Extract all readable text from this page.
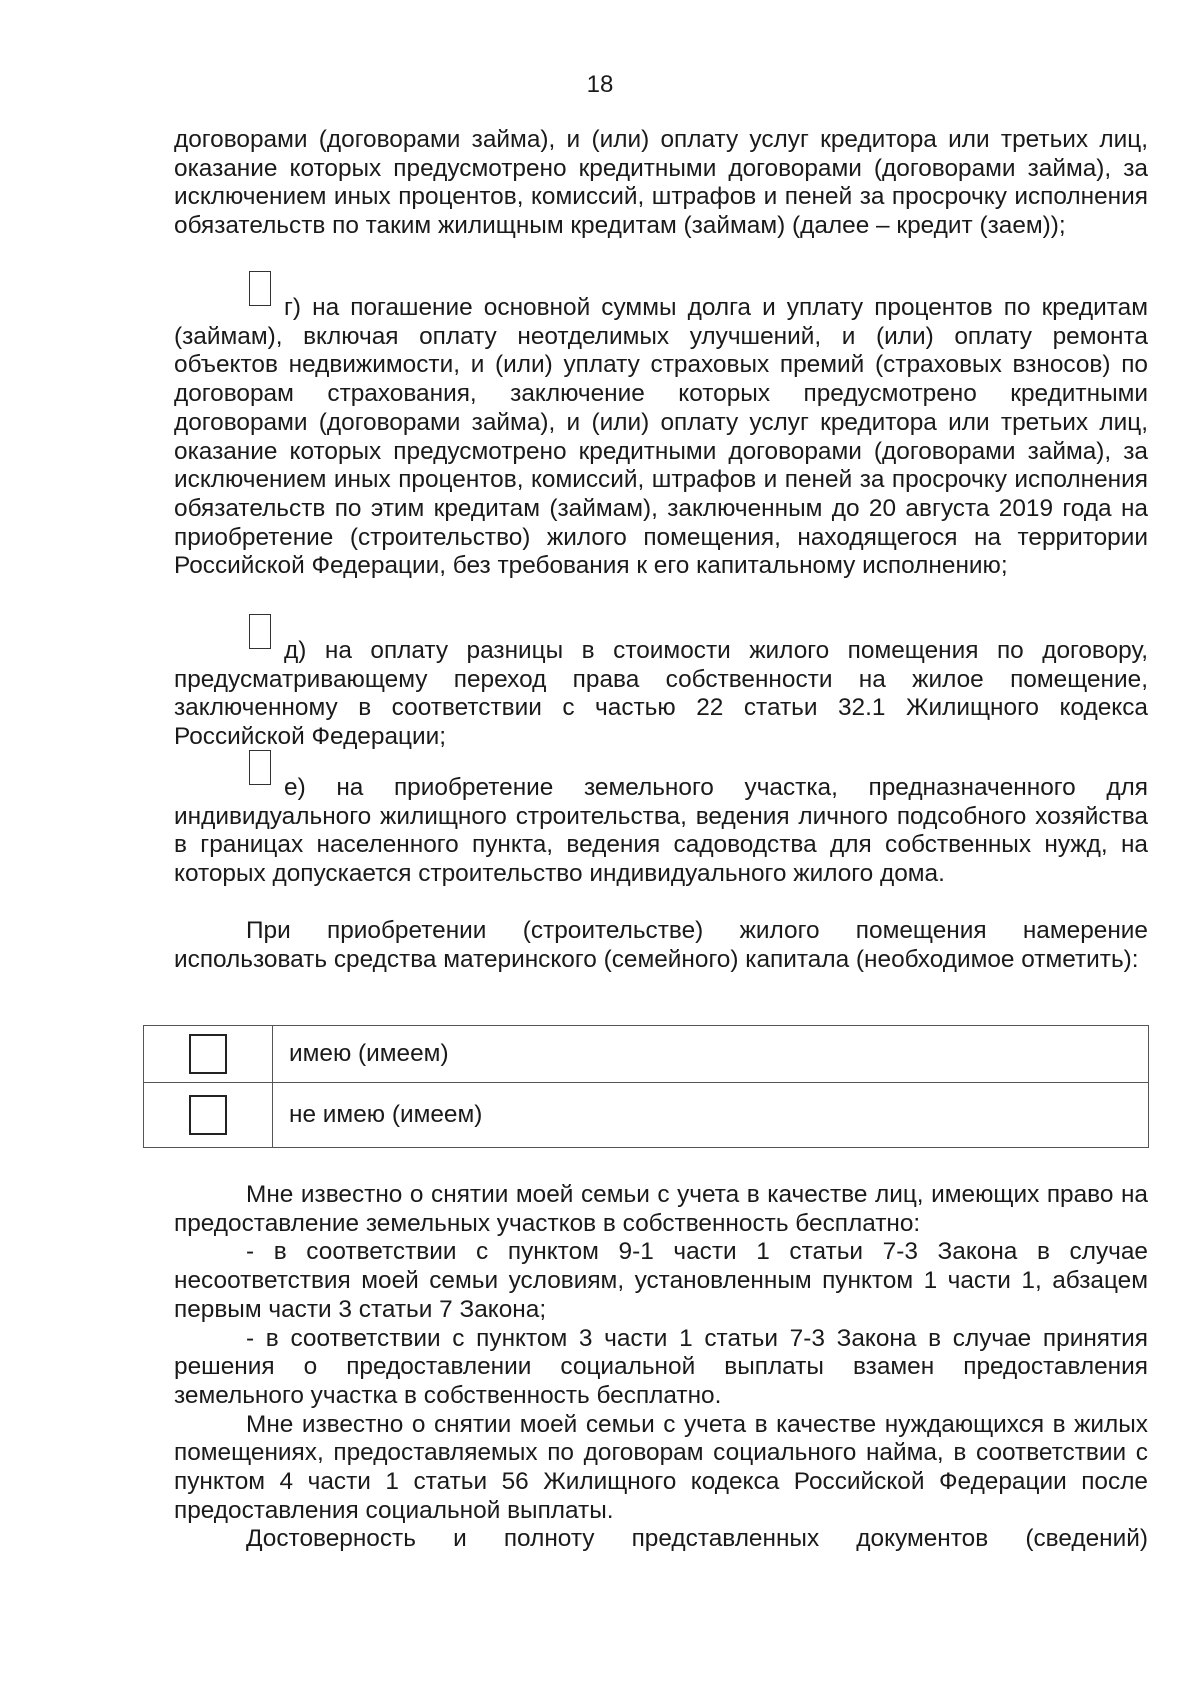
18

договорами (договорами займа), и (или) оплату услуг кредитора или третьих лиц, оказание которых предусмотрено кредитными договорами (договорами займа), за исключением иных процентов, комиссий, штрафов и пеней за просрочку исполнения обязательств по таким жилищным кредитам (займам) (далее – кредит (заем));

г) на погашение основной суммы долга и уплату процентов по кредитам (займам), включая оплату неотделимых улучшений, и (или) оплату ремонта объектов недвижимости, и (или) уплату страховых премий (страховых взносов) по договорам страхования, заключение которых предусмотрено кредитными договорами (договорами займа), и (или) оплату услуг кредитора или третьих лиц, оказание которых предусмотрено кредитными договорами (договорами займа), за исключением иных процентов, комиссий, штрафов и пеней за просрочку исполнения обязательств по этим кредитам (займам), заключенным до 20 августа 2019 года на приобретение (строительство) жилого помещения, находящегося на территории Российской Федерации, без требования к его капитальному исполнению;

д) на оплату разницы в стоимости жилого помещения по договору, предусматривающему переход права собственности на жилое помещение, заключенному в соответствии с частью 22 статьи 32.1 Жилищного кодекса Российской Федерации;

е) на приобретение земельного участка, предназначенного для индивидуального жилищного строительства, ведения личного подсобного хозяйства в границах населенного пункта, ведения садоводства для собственных нужд, на которых допускается строительство индивидуального жилого дома.

При приобретении (строительстве) жилого помещения намерение использовать средства материнского (семейного) капитала (необходимое отметить):

	имею (имеем)
	не имею (имеем)

Мне известно о снятии моей семьи с учета в качестве лиц, имеющих право на предоставление земельных участков в собственность бесплатно:

- в соответствии с пунктом 9-1 части 1 статьи 7-3 Закона в случае несоответствия моей семьи условиям, установленным пунктом 1 части 1, абзацем первым части 3 статьи 7 Закона;

- в соответствии с пунктом 3 части 1 статьи 7-3 Закона в случае принятия решения о предоставлении социальной выплаты взамен предоставления земельного участка в собственность бесплатно.

Мне известно о снятии моей семьи с учета в качестве нуждающихся в жилых помещениях, предоставляемых по договорам социального найма, в соответствии с пунктом 4 части 1 статьи 56 Жилищного кодекса Российской Федерации после предоставления социальной выплаты.

Достоверность и полноту представленных документов (сведений)
